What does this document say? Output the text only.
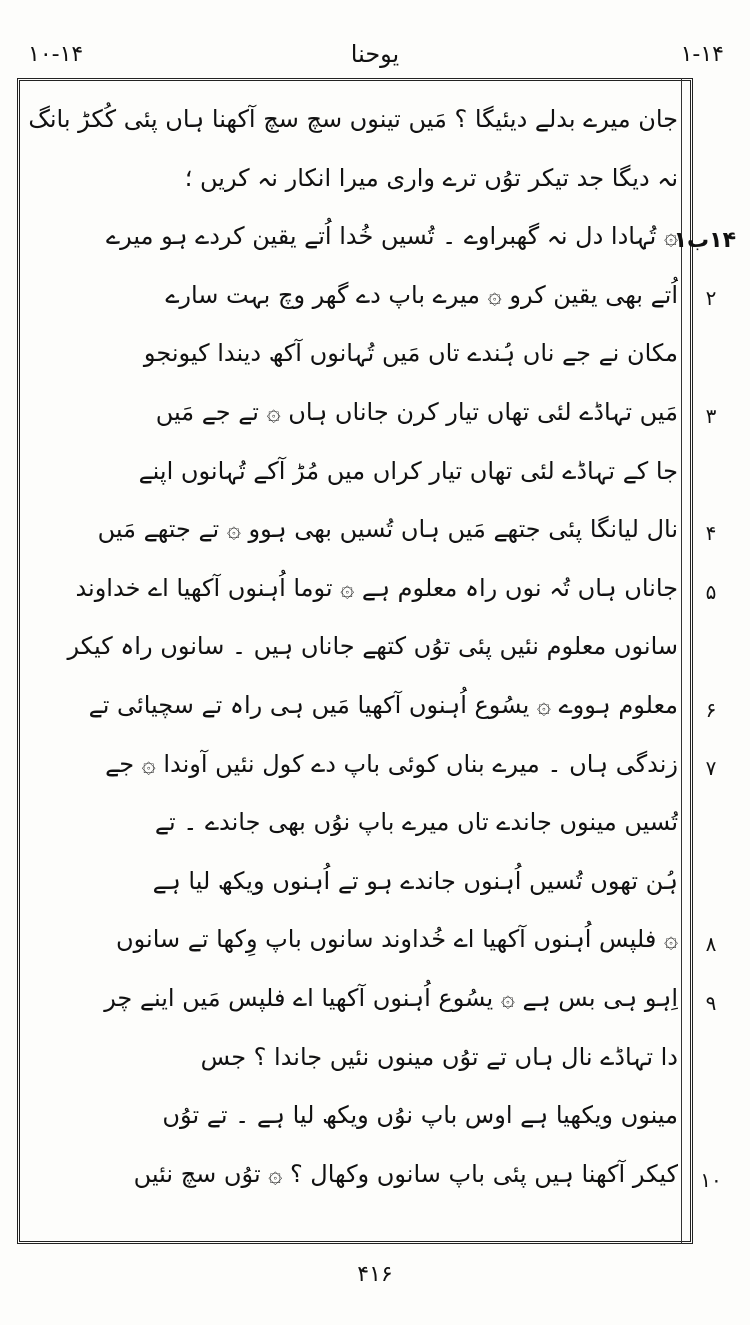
۱۰-۱۴	یوحنا	۱-۱۴
۱۴ب۱
۲
۳
۴
۵
۶
۷
۸
۹
۱۰
جان میرے بدلے دیئیگا ؟ مَیں تینوں سچ سچ آکھنا ہاں پئی کُکڑ بانگ
نہ دیگا جد تیکر توُں ترے واری میرا انکار نہ کریں ؛
۞ تُہادا دل نہ گھبراوے ۔ تُسیں خُدا اُتے یقین کردے ہو میرے
اُتے بھی یقین کرو ۞ میرے باپ دے گھر وچ بہت سارے
مکان نے جے ناں ہُندے تاں مَیں تُہانوں آکھ دیندا کیونجو
مَیں تہاڈے لئی تھاں تیار کرن جاناں ہاں ۞ تے جے مَیں
جا کے تہاڈے لئی تھاں تیار کراں میں مُڑ آکے تُہانوں اپنے
نال لیانگا پئی جتھے مَیں ہاں تُسیں بھی ہوو ۞ تے جتھے مَیں
جاناں ہاں تُہ نوں راہ معلوم ہے ۞ توما اُہنوں آکھیا اے خداوند
سانوں معلوم نئیں پئی توُں کتھے جاناں ہیں ۔ سانوں راہ کیکر
معلوم ہووے ۞ یسُوع اُہنوں آکھیا مَیں ہی راہ تے سچیائی تے
زندگی ہاں ۔ میرے بناں کوئی باپ دے کول نئیں آوندا ۞ جے
تُسیں مینوں جاندے تاں میرے باپ نوُں بھی جاندے ۔ تے
ہُن تھوں تُسیں اُہنوں جاندے ہو تے اُہنوں ویکھ لیا ہے
۞ فلپس اُہنوں آکھیا اے خُداوند سانوں باپ وِکھا تے سانوں
اِہو ہی بس ہے ۞ یسُوع اُہنوں آکھیا اے فلپس مَیں اینے چر
دا تہاڈے نال ہاں تے توُں مینوں نئیں جاندا ؟ جس
مینوں ویکھیا ہے اوس باپ نوُں ویکھ لیا ہے ۔ تے توُں
کیکر آکھنا ہیں پئی باپ سانوں وکھال ؟ ۞ توُں سچ نئیں
۴۱۶
